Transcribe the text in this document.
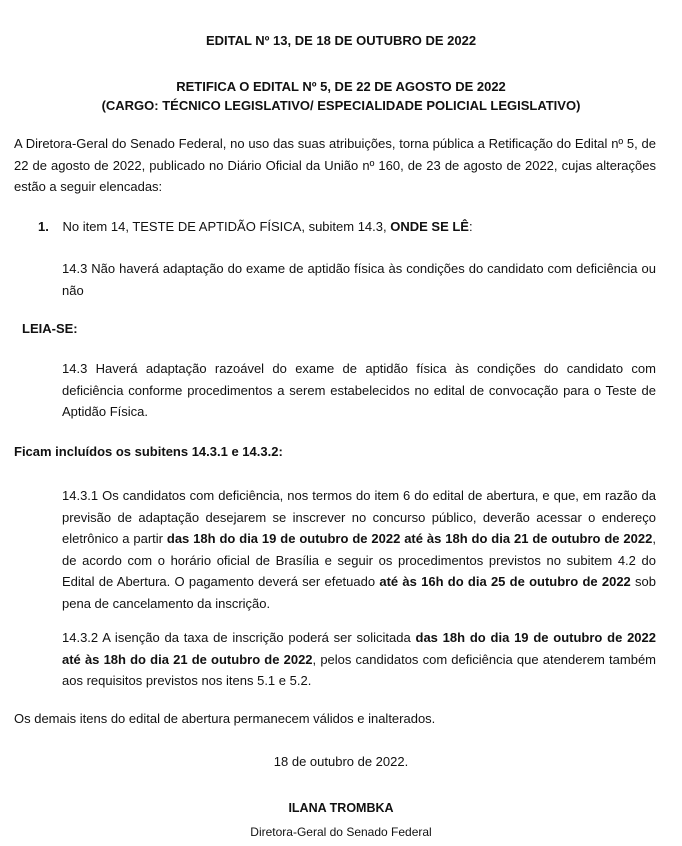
EDITAL Nº 13, DE 18 DE OUTUBRO DE 2022
RETIFICA O EDITAL Nº 5, DE 22 DE AGOSTO DE 2022
(CARGO: TÉCNICO LEGISLATIVO/ ESPECIALIDADE POLICIAL LEGISLATIVO)
A Diretora-Geral do Senado Federal, no uso das suas atribuições, torna pública a Retificação do Edital nº 5, de 22 de agosto de 2022, publicado no Diário Oficial da União nº 160, de 23 de agosto de 2022, cujas alterações estão a seguir elencadas:
1. No item 14, TESTE DE APTIDÃO FÍSICA, subitem 14.3, ONDE SE LÊ:
14.3 Não haverá adaptação do exame de aptidão física às condições do candidato com deficiência ou não
LEIA-SE:
14.3 Haverá adaptação razoável do exame de aptidão física às condições do candidato com deficiência conforme procedimentos a serem estabelecidos no edital de convocação para o Teste de Aptidão Física.
Ficam incluídos os subitens 14.3.1 e 14.3.2:
14.3.1 Os candidatos com deficiência, nos termos do item 6 do edital de abertura, e que, em razão da previsão de adaptação desejarem se inscrever no concurso público, deverão acessar o endereço eletrônico a partir das 18h do dia 19 de outubro de 2022 até às 18h do dia 21 de outubro de 2022, de acordo com o horário oficial de Brasília e seguir os procedimentos previstos no subitem 4.2 do Edital de Abertura. O pagamento deverá ser efetuado até às 16h do dia 25 de outubro de 2022 sob pena de cancelamento da inscrição.
14.3.2 A isenção da taxa de inscrição poderá ser solicitada das 18h do dia 19 de outubro de 2022 até às 18h do dia 21 de outubro de 2022, pelos candidatos com deficiência que atenderem também aos requisitos previstos nos itens 5.1 e 5.2.
Os demais itens do edital de abertura permanecem válidos e inalterados.
18 de outubro de 2022.
ILANA TROMBKA
Diretora-Geral do Senado Federal
